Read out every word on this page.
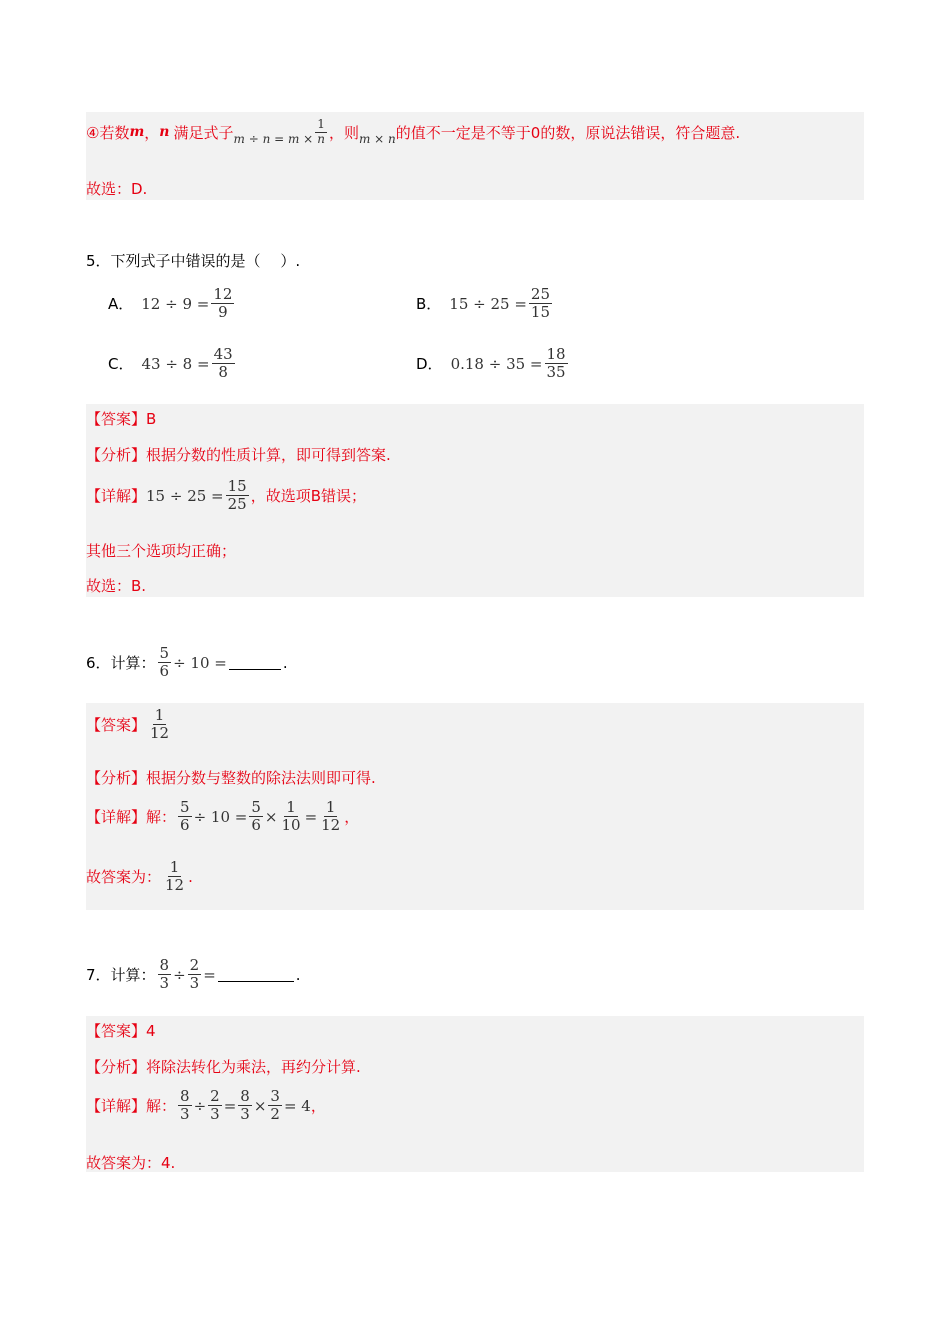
④若数 m ， n 满足式子 $m \div n = m \times \frac{1}{n}$ ，则 m × n 的值不一定是不等于0的数，原说法错误，符合题意.
故选：D.
5．下列式子中错误的是（　 ）.
A． $12 \div 9 = \frac{12}{9}$	B． $15 \div 25 = \frac{25}{15}$
C． $43 \div 8 = \frac{43}{8}$	D． $0.18 \div 35 = \frac{18}{35}$
【答案】 B
【分析】 根据分数的性质计算，即可得到答案.
【详解】 $15 \div 25 = \frac{15}{25}$ ，故选项B错误；
其他三个选项均正确；
故选：B.
6．计算： $\frac{5}{6} \div 10$ =	.
【答案】 $\frac{1}{12}$
【分析】 根据分数与整数的除法法则即可得.
【详解】 解： $\frac{5}{6} \div 10 = \frac{5}{6} \times \frac{1}{10} = \frac{1}{12}$ ，
故答案为： $\frac{1}{12}$ .
7．计算： $\frac{8}{3} \div \frac{2}{3}$ =	.
【答案】 4
【分析】 将除法转化为乘法，再约分计算.
【详解】 解： $\frac{8}{3} \div \frac{2}{3} = \frac{8}{3} \times \frac{3}{2} = 4$ ，
故答案为：4.
